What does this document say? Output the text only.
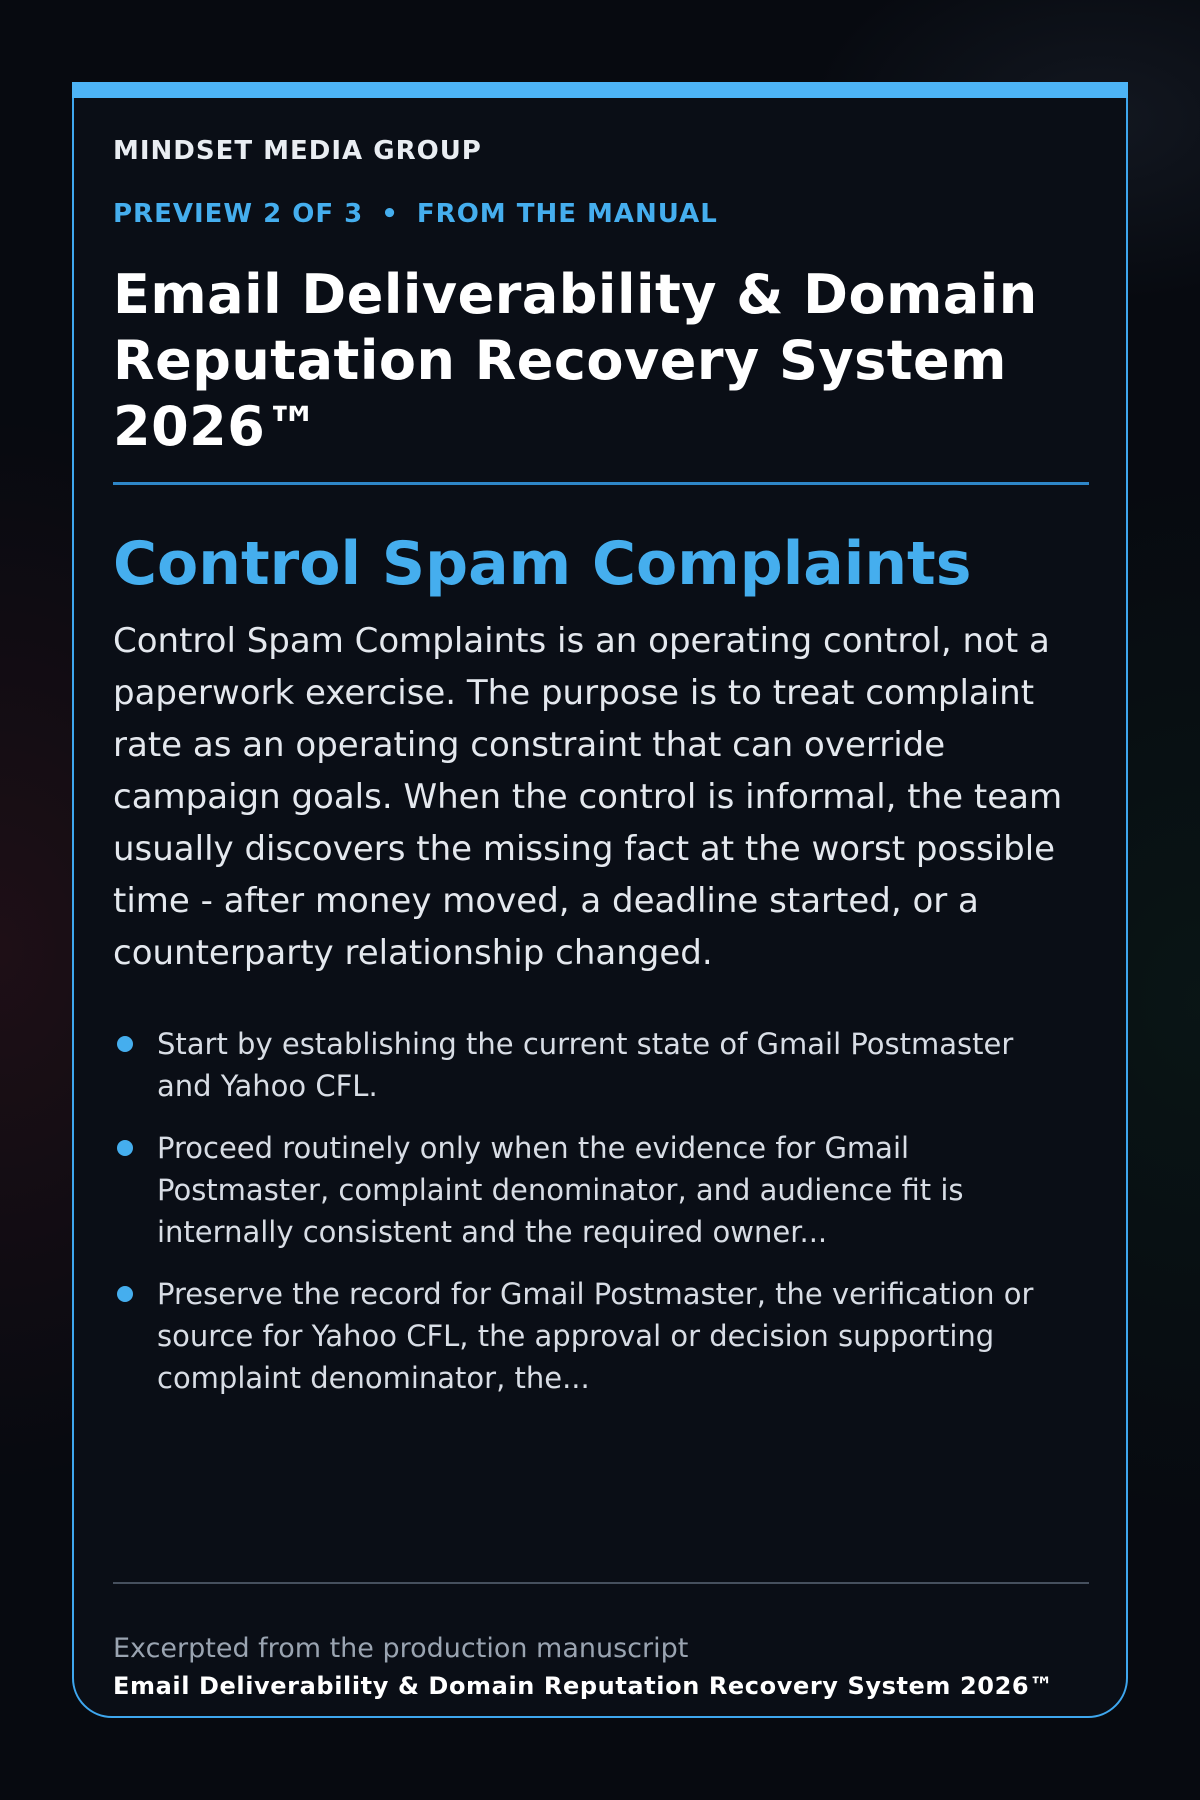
MINDSET MEDIA GROUP
PREVIEW 2 OF 3 • FROM THE MANUAL
Email Deliverability & Domain Reputation Recovery System 2026™
Control Spam Complaints

Control Spam Complaints is an operating control, not a paperwork exercise. The purpose is to treat complaint rate as an operating constraint that can override campaign goals. When the control is informal, the team usually discovers the missing fact at the worst possible time - after money moved, a deadline started, or a counterparty relationship changed.

Start by establishing the current state of Gmail Postmaster and Yahoo CFL.
Proceed routinely only when the evidence for Gmail Postmaster, complaint denominator, and audience fit is internally consistent and the required owner...
Preserve the record for Gmail Postmaster, the verification or source for Yahoo CFL, the approval or decision supporting complaint denominator, the...
Excerpted from the production manuscript
Email Deliverability & Domain Reputation Recovery System 2026™
